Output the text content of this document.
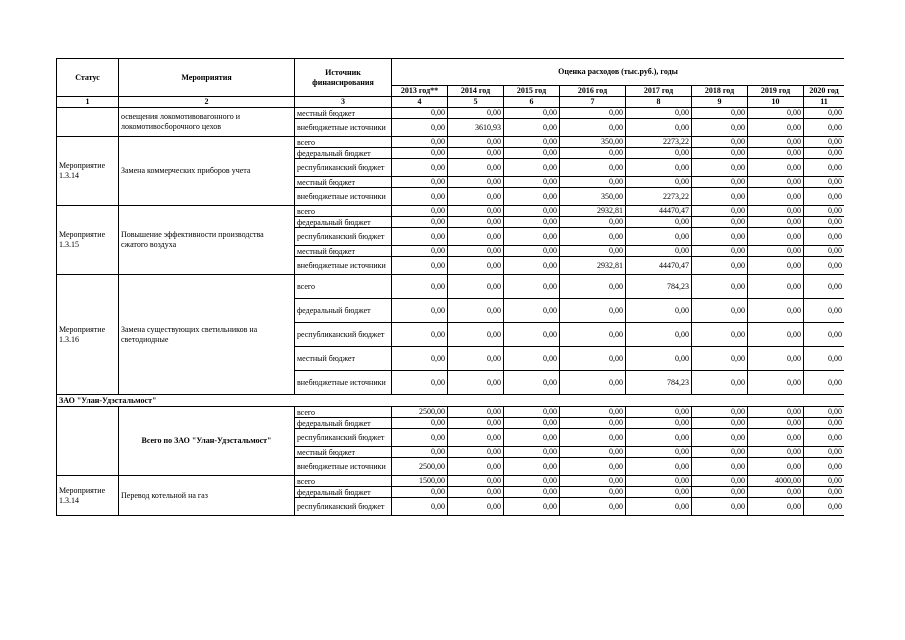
Статус	Мероприятия	Источник финансирования	Оценка расходов (тыс.руб.), годы							
			2013 год**	2014 год	2015 год	2016 год	2017 год	2018 год	2019 год	2020 год
1	2	3	4	5	6	7	8	9	10	11
	освещения локомотивовагонного и локомотивосборочного цехов	местный бюджет	0,00	0,00	0,00	0,00	0,00	0,00	0,00	0,00
		внебюджетные источники	0,00	3610,93	0,00	0,00	0,00	0,00	0,00	0,00
Мероприятие 1.3.14	Замена коммерческих приборов учета	всего	0,00	0,00	0,00	350,00	2273,22	0,00	0,00	0,00
		федеральный бюджет	0,00	0,00	0,00	0,00	0,00	0,00	0,00	0,00
		республиканский бюджет	0,00	0,00	0,00	0,00	0,00	0,00	0,00	0,00
		местный бюджет	0,00	0,00	0,00	0,00	0,00	0,00	0,00	0,00
		внебюджетные источники	0,00	0,00	0,00	350,00	2273,22	0,00	0,00	0,00
Мероприятие 1.3.15	Повышение эффективности производства сжатого воздуха	всего	0,00	0,00	0,00	2932,81	44470,47	0,00	0,00	0,00
		федеральный бюджет	0,00	0,00	0,00	0,00	0,00	0,00	0,00	0,00
		республиканский бюджет	0,00	0,00	0,00	0,00	0,00	0,00	0,00	0,00
		местный бюджет	0,00	0,00	0,00	0,00	0,00	0,00	0,00	0,00
		внебюджетные источники	0,00	0,00	0,00	2932,81	44470,47	0,00	0,00	0,00
Мероприятие 1.3.16	Замена существующих светильников на светодиодные	всего	0,00	0,00	0,00	0,00	784,23	0,00	0,00	0,00
		федеральный бюджет	0,00	0,00	0,00	0,00	0,00	0,00	0,00	0,00
		республиканский бюджет	0,00	0,00	0,00	0,00	0,00	0,00	0,00	0,00
		местный бюджет	0,00	0,00	0,00	0,00	0,00	0,00	0,00	0,00
		внебюджетные источники	0,00	0,00	0,00	0,00	784,23	0,00	0,00	0,00
ЗАО "Улан-Удэстальмост"										
	Всего по ЗАО "Улан-Удэстальмост"	всего	2500,00	0,00	0,00	0,00	0,00	0,00	0,00	0,00
		федеральный бюджет	0,00	0,00	0,00	0,00	0,00	0,00	0,00	0,00
		республиканский бюджет	0,00	0,00	0,00	0,00	0,00	0,00	0,00	0,00
		местный бюджет	0,00	0,00	0,00	0,00	0,00	0,00	0,00	0,00
		внебюджетные источники	2500,00	0,00	0,00	0,00	0,00	0,00	0,00	0,00
Мероприятие 1.3.14	Перевод котельной на газ	всего	1500,00	0,00	0,00	0,00	0,00	0,00	4000,00	0,00
		федеральный бюджет	0,00	0,00	0,00	0,00	0,00	0,00	0,00	0,00
		республиканский бюджет	0,00	0,00	0,00	0,00	0,00	0,00	0,00	0,00
